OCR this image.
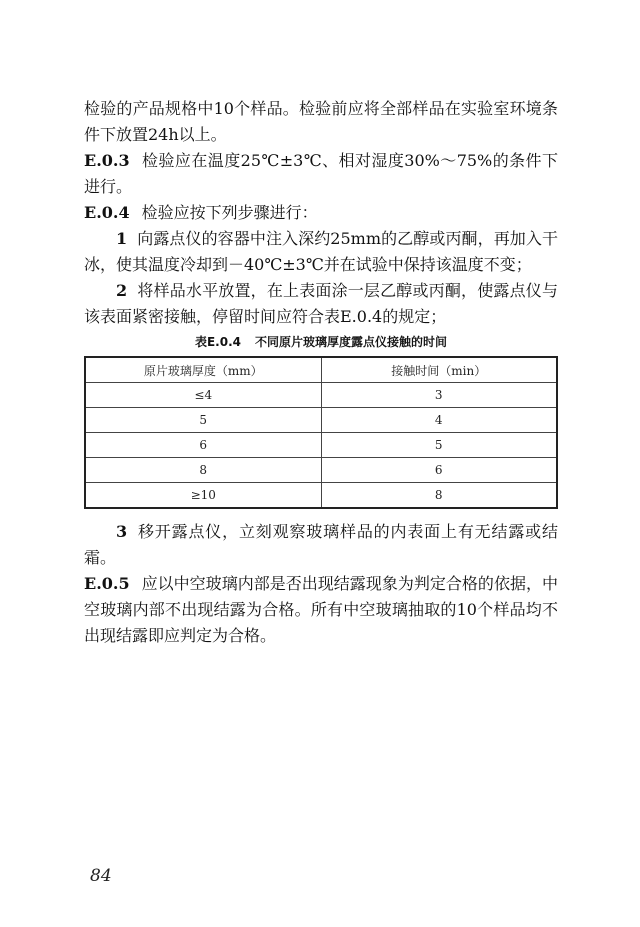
检验的产品规格中10个样品。检验前应将全部样品在实验室环境条件下放置24h以上。

E.0.3 检验应在温度25℃±3℃、相对湿度30%～75%的条件下进行。

E.0.4 检验应按下列步骤进行：

1 向露点仪的容器中注入深约25mm的乙醇或丙酮，再加入干冰，使其温度冷却到－40℃±3℃并在试验中保持该温度不变；

2 将样品水平放置，在上表面涂一层乙醇或丙酮，使露点仪与该表面紧密接触，停留时间应符合表E.0.4的规定；

表E.0.4 不同原片玻璃厚度露点仪接触的时间
原片玻璃厚度（mm）	接触时间（min）
≤4	3
5	4
6	5
8	6
≥10	8

3 移开露点仪，立刻观察玻璃样品的内表面上有无结露或结霜。

E.0.5 应以中空玻璃内部是否出现结露现象为判定合格的依据，中空玻璃内部不出现结露为合格。所有中空玻璃抽取的10个样品均不出现结露即应判定为合格。

84
